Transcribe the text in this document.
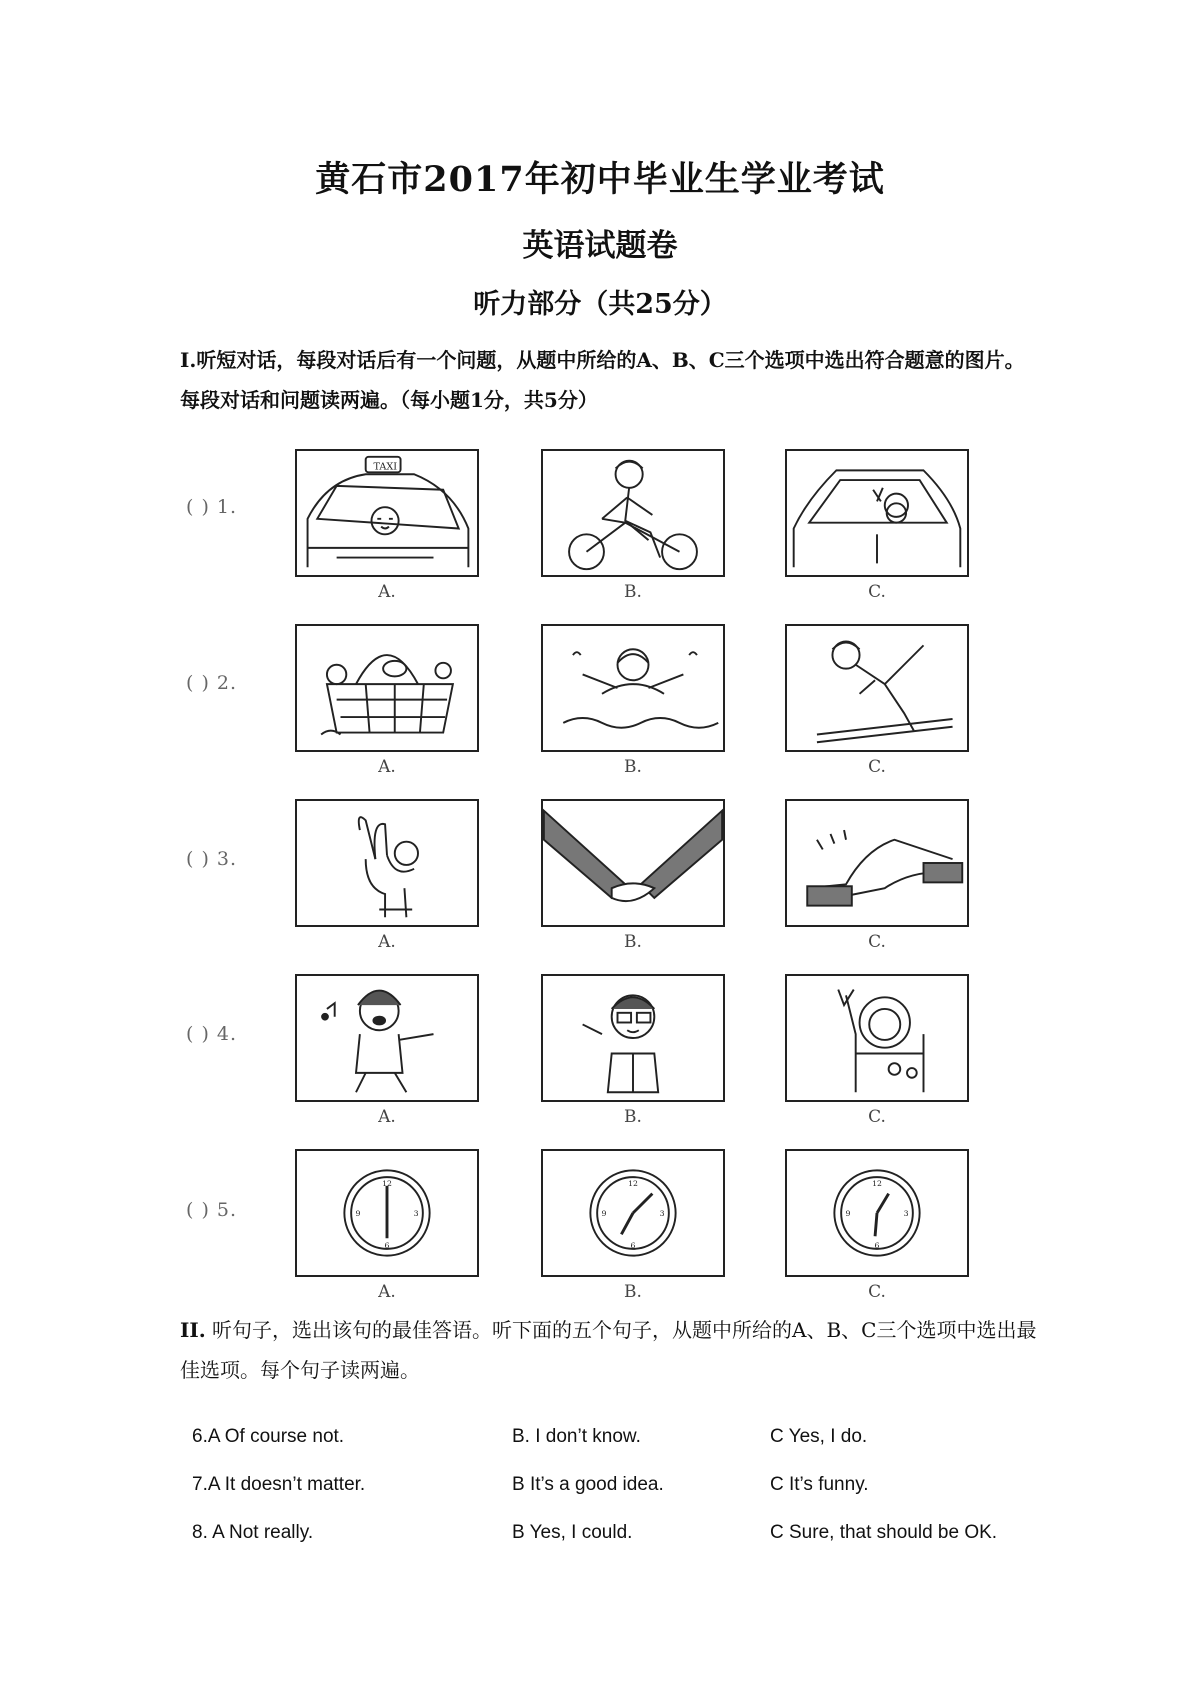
黄石市2017年初中毕业生学业考试
英语试题卷
听力部分（共25分）
Ⅰ.听短对话，每段对话后有一个问题，从题中所给的A、B、C三个选项中选出符合题意的图片。每段对话和问题读两遍。（每小题1分，共5分）
( ) 1.
( ) 2.
( ) 3.
( ) 4.
( ) 5.
TAXI
A.	B.	C.
A.	B.	C.
A.	B.	C.
A.	B.	C.
12
6
9	3
12
6
9	3
12
6
9	3
A.	B.	C.
II. 听句子，选出该句的最佳答语。听下面的五个句子，从题中所给的A、B、C三个选项中选出最佳选项。每个句子读两遍。
6.A Of course not.	B. I don’t know.	C Yes, I do.
7.A It doesn’t matter.	B It’s a good idea.	C It’s funny.
8. A Not really.	B Yes, I could.	C Sure, that should be OK.
